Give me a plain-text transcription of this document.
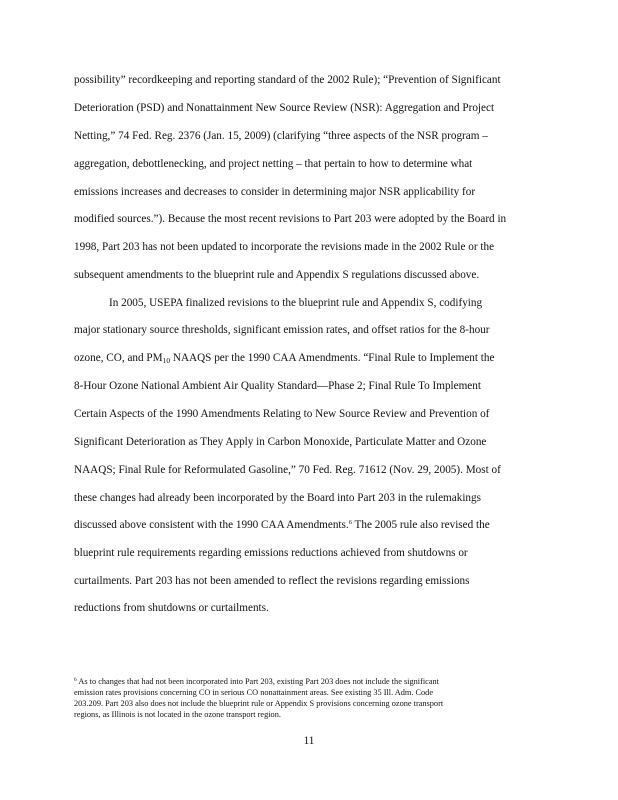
possibility” recordkeeping and reporting standard of the 2002 Rule); “Prevention of Significant
Deterioration (PSD) and Nonattainment New Source Review (NSR): Aggregation and Project
Netting,” 74 Fed. Reg. 2376 (Jan. 15, 2009) (clarifying “three aspects of the NSR program –
aggregation, debottlenecking, and project netting – that pertain to how to determine what
emissions increases and decreases to consider in determining major NSR applicability for
modified sources.”). Because the most recent revisions to Part 203 were adopted by the Board in
1998, Part 203 has not been updated to incorporate the revisions made in the 2002 Rule or the
subsequent amendments to the blueprint rule and Appendix S regulations discussed above.
In 2005, USEPA finalized revisions to the blueprint rule and Appendix S, codifying
major stationary source thresholds, significant emission rates, and offset ratios for the 8-hour
ozone, CO, and PM10 NAAQS per the 1990 CAA Amendments. “Final Rule to Implement the
8-Hour Ozone National Ambient Air Quality Standard—Phase 2; Final Rule To Implement
Certain Aspects of the 1990 Amendments Relating to New Source Review and Prevention of
Significant Deterioration as They Apply in Carbon Monoxide, Particulate Matter and Ozone
NAAQS; Final Rule for Reformulated Gasoline,” 70 Fed. Reg. 71612 (Nov. 29, 2005). Most of
these changes had already been incorporated by the Board into Part 203 in the rulemakings
discussed above consistent with the 1990 CAA Amendments.$^6$ The 2005 rule also revised the
blueprint rule requirements regarding emissions reductions achieved from shutdowns or
curtailments. Part 203 has not been amended to reflect the revisions regarding emissions
reductions from shutdowns or curtailments.
$^6$ As to changes that had not been incorporated into Part 203, existing Part 203 does not include the significant
emission rates provisions concerning CO in serious CO nonattainment areas. See existing 35 Ill. Adm. Code
203.209. Part 203 also does not include the blueprint rule or Appendix S provisions concerning ozone transport
regions, as Illinois is not located in the ozone transport region.
11
